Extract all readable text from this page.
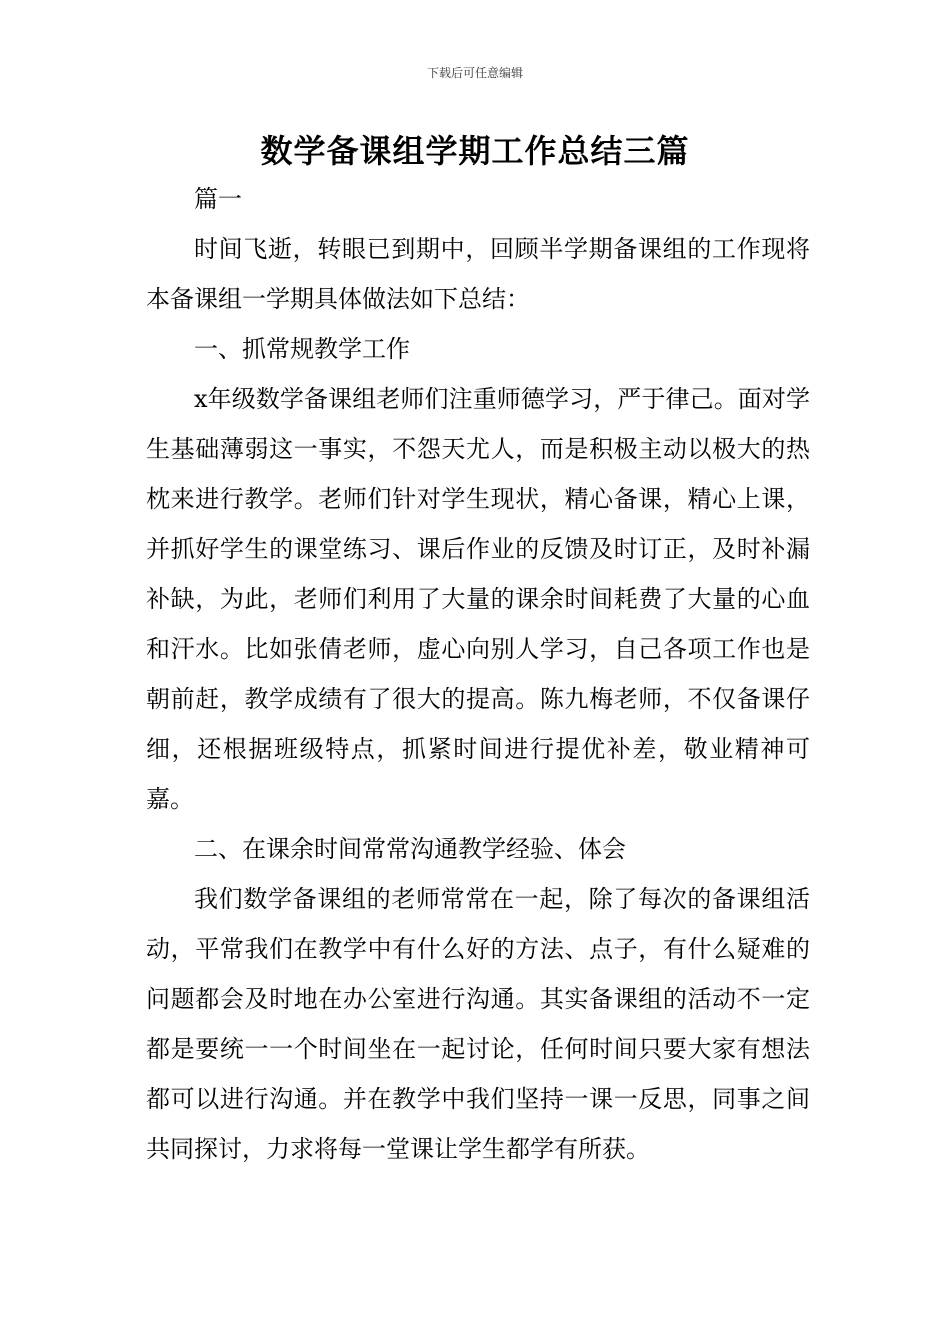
下载后可任意编辑
数学备课组学期工作总结三篇

篇一

时间飞逝，转眼已到期中，回顾半学期备课组的工作现将本备课组一学期具体做法如下总结：

一、抓常规教学工作

x年级数学备课组老师们注重师德学习，严于律己。面对学生基础薄弱这一事实，不怨天尤人，而是积极主动以极大的热枕来进行教学。老师们针对学生现状，精心备课，精心上课，并抓好学生的课堂练习、课后作业的反馈及时订正，及时补漏补缺，为此，老师们利用了大量的课余时间耗费了大量的心血和汗水。比如张倩老师，虚心向别人学习，自己各项工作也是朝前赶，教学成绩有了很大的提高。陈九梅老师，不仅备课仔细，还根据班级特点，抓紧时间进行提优补差，敬业精神可嘉。

二、在课余时间常常沟通教学经验、体会

我们数学备课组的老师常常在一起，除了每次的备课组活动，平常我们在教学中有什么好的方法、点子，有什么疑难的问题都会及时地在办公室进行沟通。其实备课组的活动不一定都是要统一一个时间坐在一起讨论，任何时间只要大家有想法都可以进行沟通。并在教学中我们坚持一课一反思，同事之间共同探讨，力求将每一堂课让学生都学有所获。
